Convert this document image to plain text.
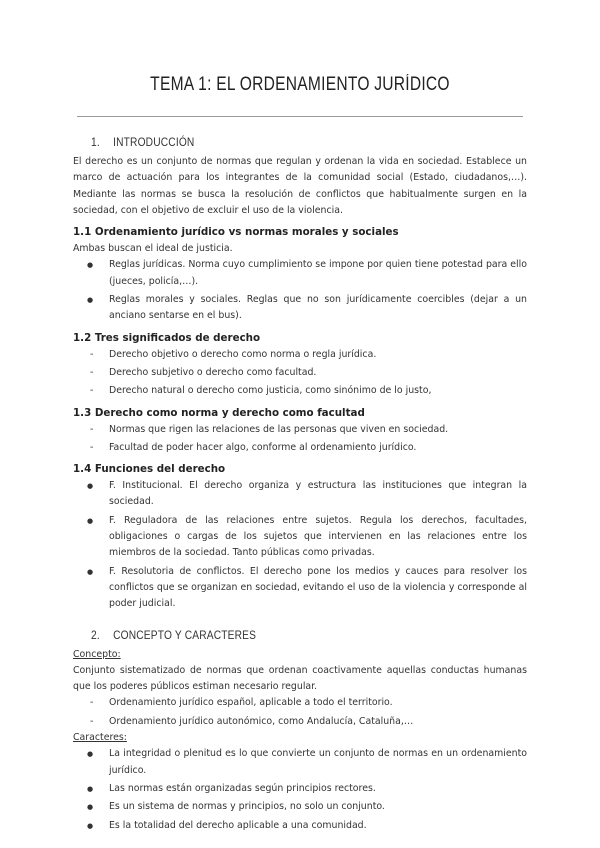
TEMA 1: EL ORDENAMIENTO JURÍDICO
1. INTRODUCCIÓN

El derecho es un conjunto de normas que regulan y ordenan la vida en sociedad. Establece un marco de actuación para los integrantes de la comunidad social (Estado, ciudadanos,…). Mediante las normas se busca la resolución de conflictos que habitualmente surgen en la sociedad, con el objetivo de excluir el uso de la violencia.

1.1 Ordenamiento jurídico vs normas morales y sociales

Ambas buscan el ideal de justicia.

● Reglas jurídicas. Norma cuyo cumplimiento se impone por quien tiene potestad para ello (jueces, policía,…).
● Reglas morales y sociales. Reglas que no son jurídicamente coercibles (dejar a un anciano sentarse en el bus).
1.2 Tres significados de derecho
- Derecho objetivo o derecho como norma o regla jurídica.
- Derecho subjetivo o derecho como facultad.
- Derecho natural o derecho como justicia, como sinónimo de lo justo,
1.3 Derecho como norma y derecho como facultad
- Normas que rigen las relaciones de las personas que viven en sociedad.
- Facultad de poder hacer algo, conforme al ordenamiento jurídico.
1.4 Funciones del derecho
● F. Institucional. El derecho organiza y estructura las instituciones que integran la sociedad.
● F. Reguladora de las relaciones entre sujetos. Regula los derechos, facultades, obligaciones o cargas de los sujetos que intervienen en las relaciones entre los miembros de la sociedad. Tanto públicas como privadas.
● F. Resolutoria de conflictos. El derecho pone los medios y cauces para resolver los conflictos que se organizan en sociedad, evitando el uso de la violencia y corresponde al poder judicial.
2. CONCEPTO Y CARACTERES

Concepto:

Conjunto sistematizado de normas que ordenan coactivamente aquellas conductas humanas que los poderes públicos estiman necesario regular.

- Ordenamiento jurídico español, aplicable a todo el territorio.
- Ordenamiento jurídico autonómico, como Andalucía, Cataluña,…

Caracteres:

● La integridad o plenitud es lo que convierte un conjunto de normas en un ordenamiento jurídico.
● Las normas están organizadas según principios rectores.
● Es un sistema de normas y principios, no solo un conjunto.
● Es la totalidad del derecho aplicable a una comunidad.
